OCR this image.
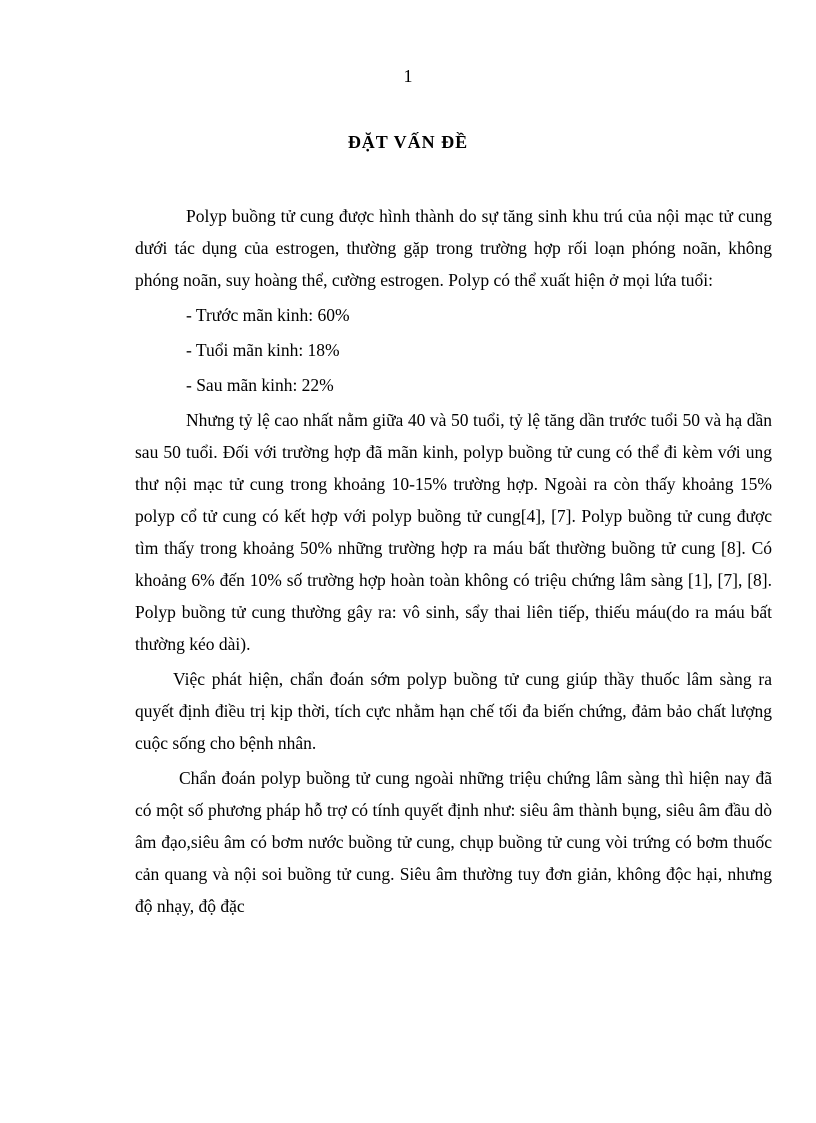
1

ĐẶT VẤN ĐỀ

Polyp buồng tử cung được hình thành do sự tăng sinh khu trú của nội mạc tử cung dưới tác dụng của estrogen, thường gặp trong trường hợp rối loạn phóng noãn, không phóng noãn, suy hoàng thể, cường estrogen. Polyp có thể xuất hiện ở mọi lứa tuổi:

- Trước mãn kinh: 60%

- Tuổi mãn kinh: 18%

- Sau mãn kinh: 22%

Nhưng tỷ lệ cao nhất nằm giữa 40 và 50 tuổi, tỷ lệ tăng dần trước tuổi 50 và hạ dần sau 50 tuổi. Đối với trường hợp đã mãn kinh, polyp buồng tử cung có thể đi kèm với ung thư nội mạc tử cung trong khoảng 10-15% trường hợp. Ngoài ra còn thấy khoảng 15% polyp cổ tử cung có kết hợp với polyp buồng tử cung[4], [7]. Polyp buồng tử cung được tìm thấy trong khoảng 50% những trường hợp ra máu bất thường buồng tử cung [8]. Có khoảng 6% đến 10% số trường hợp hoàn toàn không có triệu chứng lâm sàng [1], [7], [8]. Polyp buồng tử cung thường gây ra: vô sinh, sẩy thai liên tiếp, thiếu máu(do ra máu bất thường kéo dài).

Việc phát hiện, chẩn đoán sớm polyp buồng tử cung giúp thầy thuốc lâm sàng ra quyết định điều trị kịp thời, tích cực nhằm hạn chế tối đa biến chứng, đảm bảo chất lượng cuộc sống cho bệnh nhân.

Chẩn đoán polyp buồng tử cung ngoài những triệu chứng lâm sàng thì hiện nay đã có một số phương pháp hỗ trợ có tính quyết định như: siêu âm thành bụng, siêu âm đầu dò âm đạo,siêu âm có bơm nước buồng tử cung, chụp buồng tử cung vòi trứng có bơm thuốc cản quang và nội soi buồng tử cung. Siêu âm thường tuy đơn giản, không độc hại, nhưng độ nhạy, độ đặc
